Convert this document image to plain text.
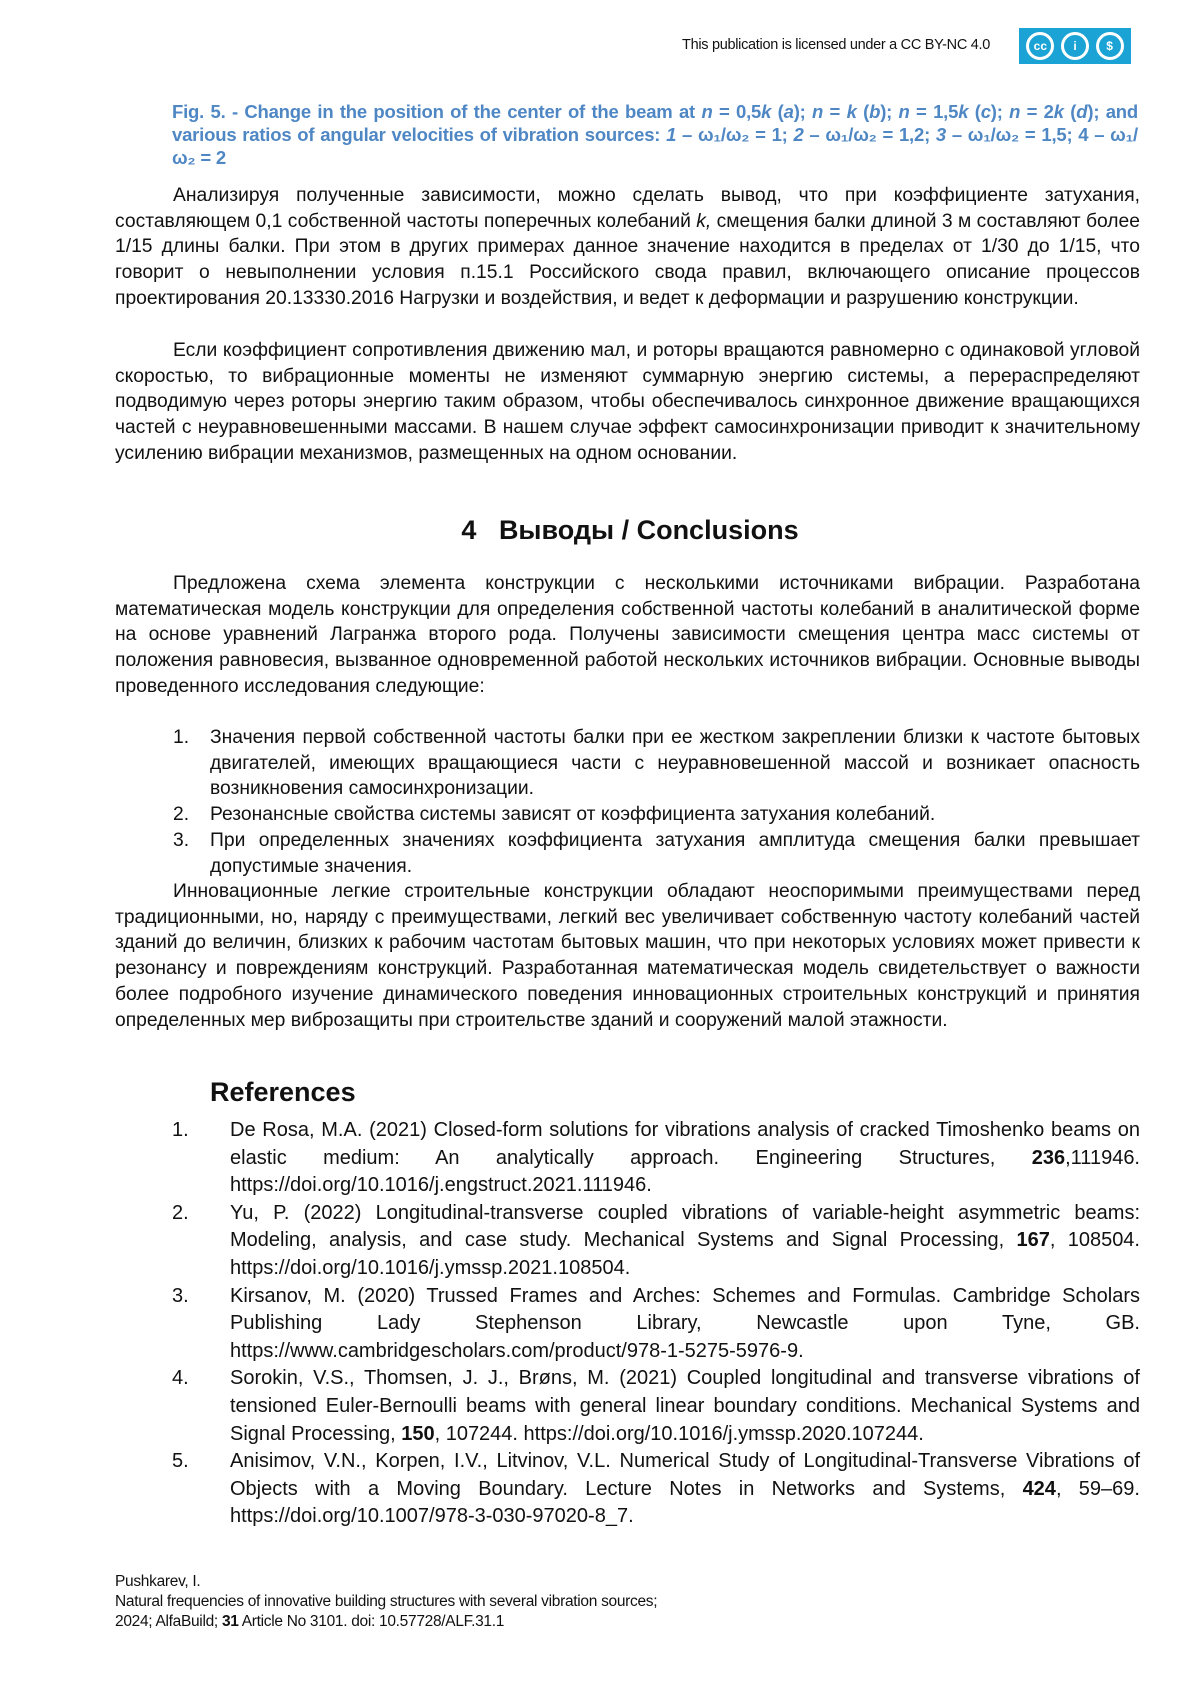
This publication is licensed under a CC BY-NC 4.0	cc	i	$
Fig. 5. - Change in the position of the center of the beam at n = 0,5k (a); n = k (b); n = 1,5k (c); n = 2k (d); and various ratios of angular velocities of vibration sources: 1 – ω₁/ω₂ = 1; 2 – ω₁/ω₂ = 1,2; 3 – ω₁/ω₂ = 1,5; 4 – ω₁/ω₂ = 2
Анализируя полученные зависимости, можно сделать вывод, что при коэффициенте затухания, составляющем 0,1 собственной частоты поперечных колебаний k, смещения балки длиной 3 м составляют более 1/15 длины балки. При этом в других примерах данное значение находится в пределах от 1/30 до 1/15, что говорит о невыполнении условия п.15.1 Российского свода правил, включающего описание процессов проектирования 20.13330.2016 Нагрузки и воздействия, и ведет к деформации и разрушению конструкции.
Если коэффициент сопротивления движению мал, и роторы вращаются равномерно с одинаковой угловой скоростью, то вибрационные моменты не изменяют суммарную энергию системы, а перераспределяют подводимую через роторы энергию таким образом, чтобы обеспечивалось синхронное движение вращающихся частей с неуравновешенными массами. В нашем случае эффект самосинхронизации приводит к значительному усилению вибрации механизмов, размещенных на одном основании.
4 Выводы / Conclusions
Предложена схема элемента конструкции с несколькими источниками вибрации. Разработана математическая модель конструкции для определения собственной частоты колебаний в аналитической форме на основе уравнений Лагранжа второго рода. Получены зависимости смещения центра масс системы от положения равновесия, вызванное одновременной работой нескольких источников вибрации. Основные выводы проведенного исследования следующие:
1. Значения первой собственной частоты балки при ее жестком закреплении близки к частоте бытовых двигателей, имеющих вращающиеся части с неуравновешенной массой и возникает опасность возникновения самосинхронизации.
2. Резонансные свойства системы зависят от коэффициента затухания колебаний.
3. При определенных значениях коэффициента затухания амплитуда смещения балки превышает допустимые значения.
Инновационные легкие строительные конструкции обладают неоспоримыми преимуществами перед традиционными, но, наряду с преимуществами, легкий вес увеличивает собственную частоту колебаний частей зданий до величин, близких к рабочим частотам бытовых машин, что при некоторых условиях может привести к резонансу и повреждениям конструкций. Разработанная математическая модель свидетельствует о важности более подробного изучение динамического поведения инновационных строительных конструкций и принятия определенных мер виброзащиты при строительстве зданий и сооружений малой этажности.
References
1. De Rosa, M.A. (2021) Closed-form solutions for vibrations analysis of cracked Timoshenko beams on elastic medium: An analytically approach. Engineering Structures, 236,111946. https://doi.org/10.1016/j.engstruct.2021.111946.
2. Yu, P. (2022) Longitudinal-transverse coupled vibrations of variable-height asymmetric beams: Modeling, analysis, and case study. Mechanical Systems and Signal Processing, 167, 108504. https://doi.org/10.1016/j.ymssp.2021.108504.
3. Kirsanov, M. (2020) Trussed Frames and Arches: Schemes and Formulas. Cambridge Scholars Publishing Lady Stephenson Library, Newcastle upon Tyne, GB. https://www.cambridgescholars.com/product/978-1-5275-5976-9.
4. Sorokin, V.S., Thomsen, J. J., Brøns, M. (2021) Coupled longitudinal and transverse vibrations of tensioned Euler-Bernoulli beams with general linear boundary conditions. Mechanical Systems and Signal Processing, 150, 107244. https://doi.org/10.1016/j.ymssp.2020.107244.
5. Anisimov, V.N., Korpen, I.V., Litvinov, V.L. Numerical Study of Longitudinal-Transverse Vibrations of Objects with a Moving Boundary. Lecture Notes in Networks and Systems, 424, 59–69. https://doi.org/10.1007/978-3-030-97020-8_7.
Pushkarev, I.
Natural frequencies of innovative building structures with several vibration sources;
2024; AlfaBuild; 31 Article No 3101. doi: 10.57728/ALF.31.1
